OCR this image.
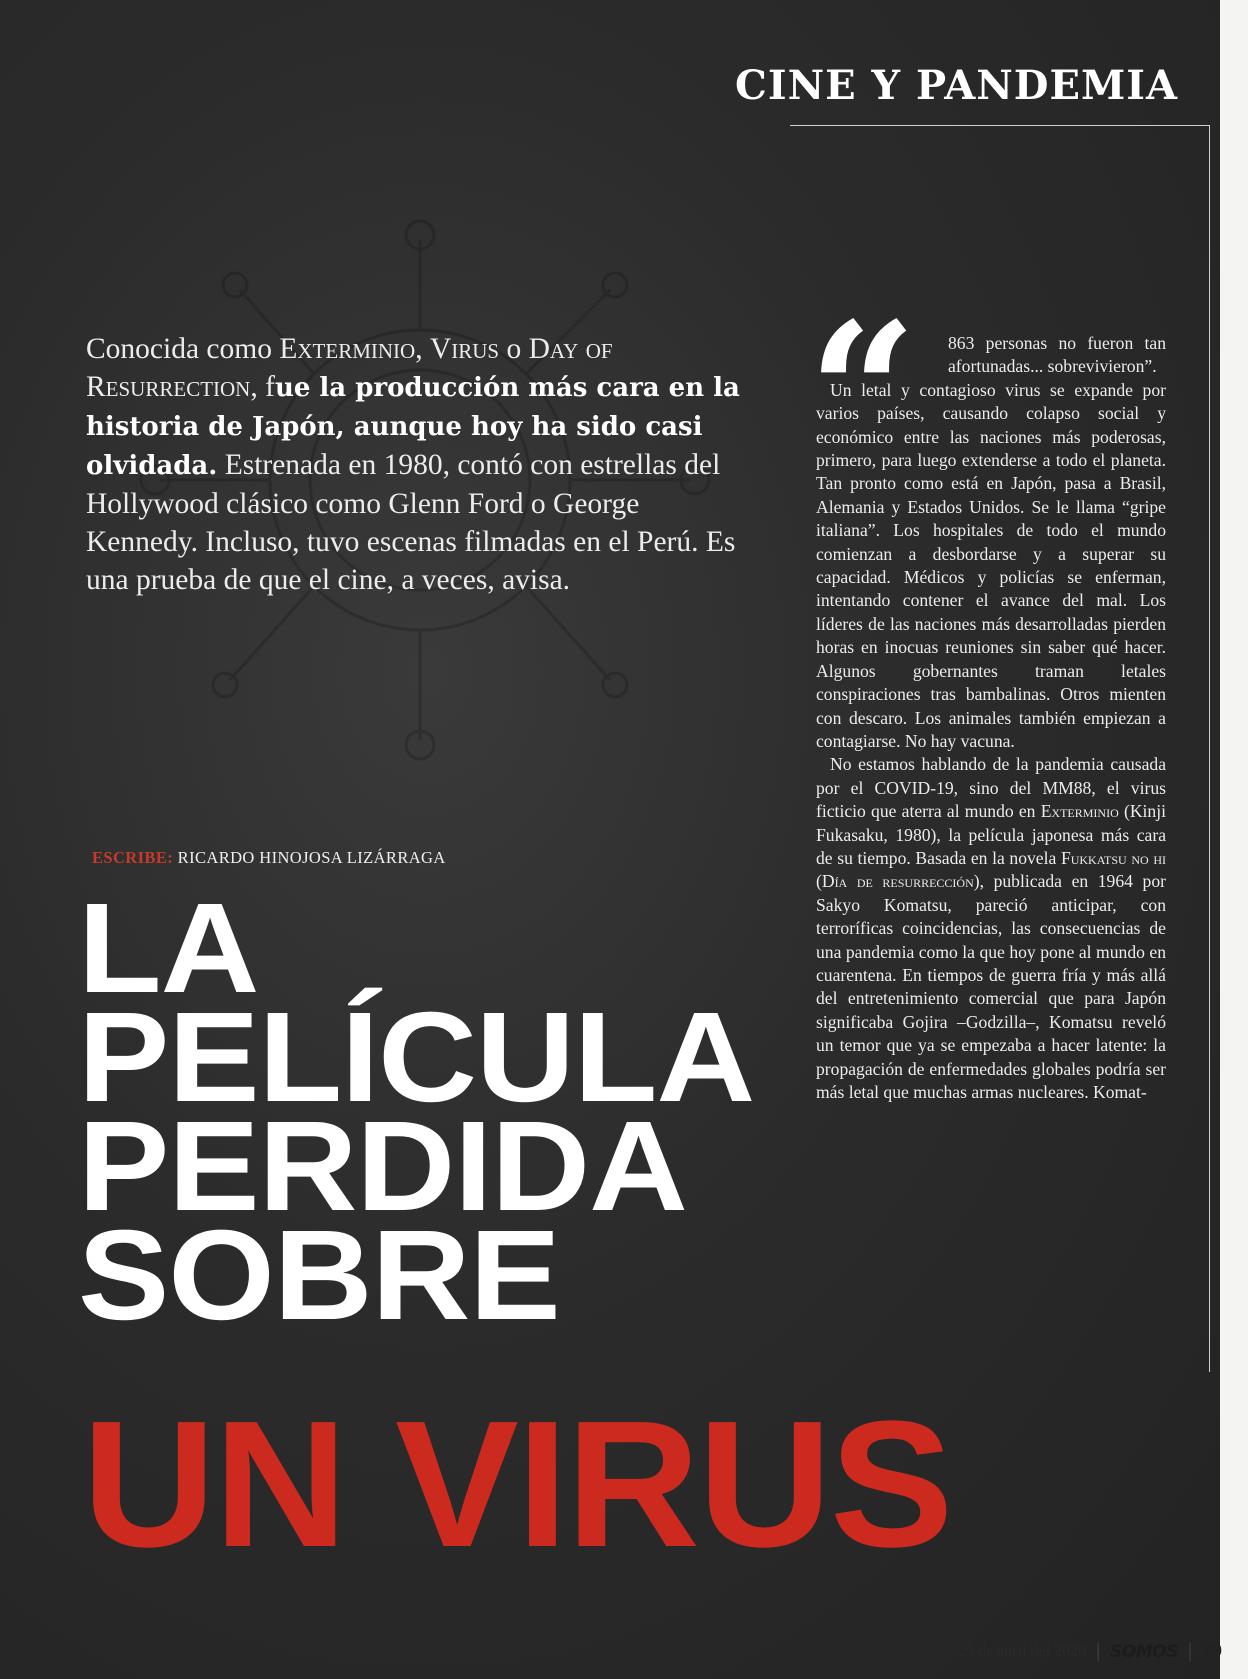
CINE Y PANDEMIA
Conocida como Exterminio, Virus o Day of Resurrection, fue la producción más cara en la historia de Japón, aunque hoy ha sido casi olvidada. Estrenada en 1980, contó con estrellas del Hollywood clásico como Glenn Ford o George Kennedy. Incluso, tuvo escenas filmadas en el Perú. Es una prueba de que el cine, a veces, avisa.
ESCRIBE: RICARDO HINOJOSA LIZÁRRAGA
LA
PELÍCULA
PERDIDA
SOBRE
UN VIRUS
“	863 personas no fueron tan afortunadas... sobrevivieron”.

Un letal y contagioso virus se expande por varios países, causando colapso social y económico entre las naciones más poderosas, primero, para luego extenderse a todo el planeta. Tan pronto como está en Japón, pasa a Brasil, Alemania y Estados Unidos. Se le llama “gripe italiana”. Los hospitales de todo el mundo comienzan a desbordarse y a superar su capacidad. Médicos y policías se enferman, intentando contener el avance del mal. Los líderes de las naciones más desarrolladas pierden horas en inocuas reuniones sin saber qué hacer. Algunos gobernantes traman letales conspiraciones tras bambalinas. Otros mienten con descaro. Los animales también empiezan a contagiarse. No hay vacuna.

No estamos hablando de la pandemia causada por el COVID-19, sino del MM88, el virus ficticio que aterra al mundo en Exterminio (Kinji Fukasaku, 1980), la película japonesa más cara de su tiempo. Basada en la novela Fukkatsu no hi (Día de resurrección), publicada en 1964 por Sakyo Komatsu, pareció anticipar, con terroríficas coincidencias, las consecuencias de una pandemia como la que hoy pone al mundo en cuarentena. En tiempos de guerra fría y más allá del entretenimiento comercial que para Japón significaba Gojira –Godzilla–, Komatsu reveló un temor que ya se empezaba a hacer latente: la propagación de enfermedades globales podría ser más letal que muchas armas nucleares. Komat-

25 de abril del 2020 | SOMOS | 29
